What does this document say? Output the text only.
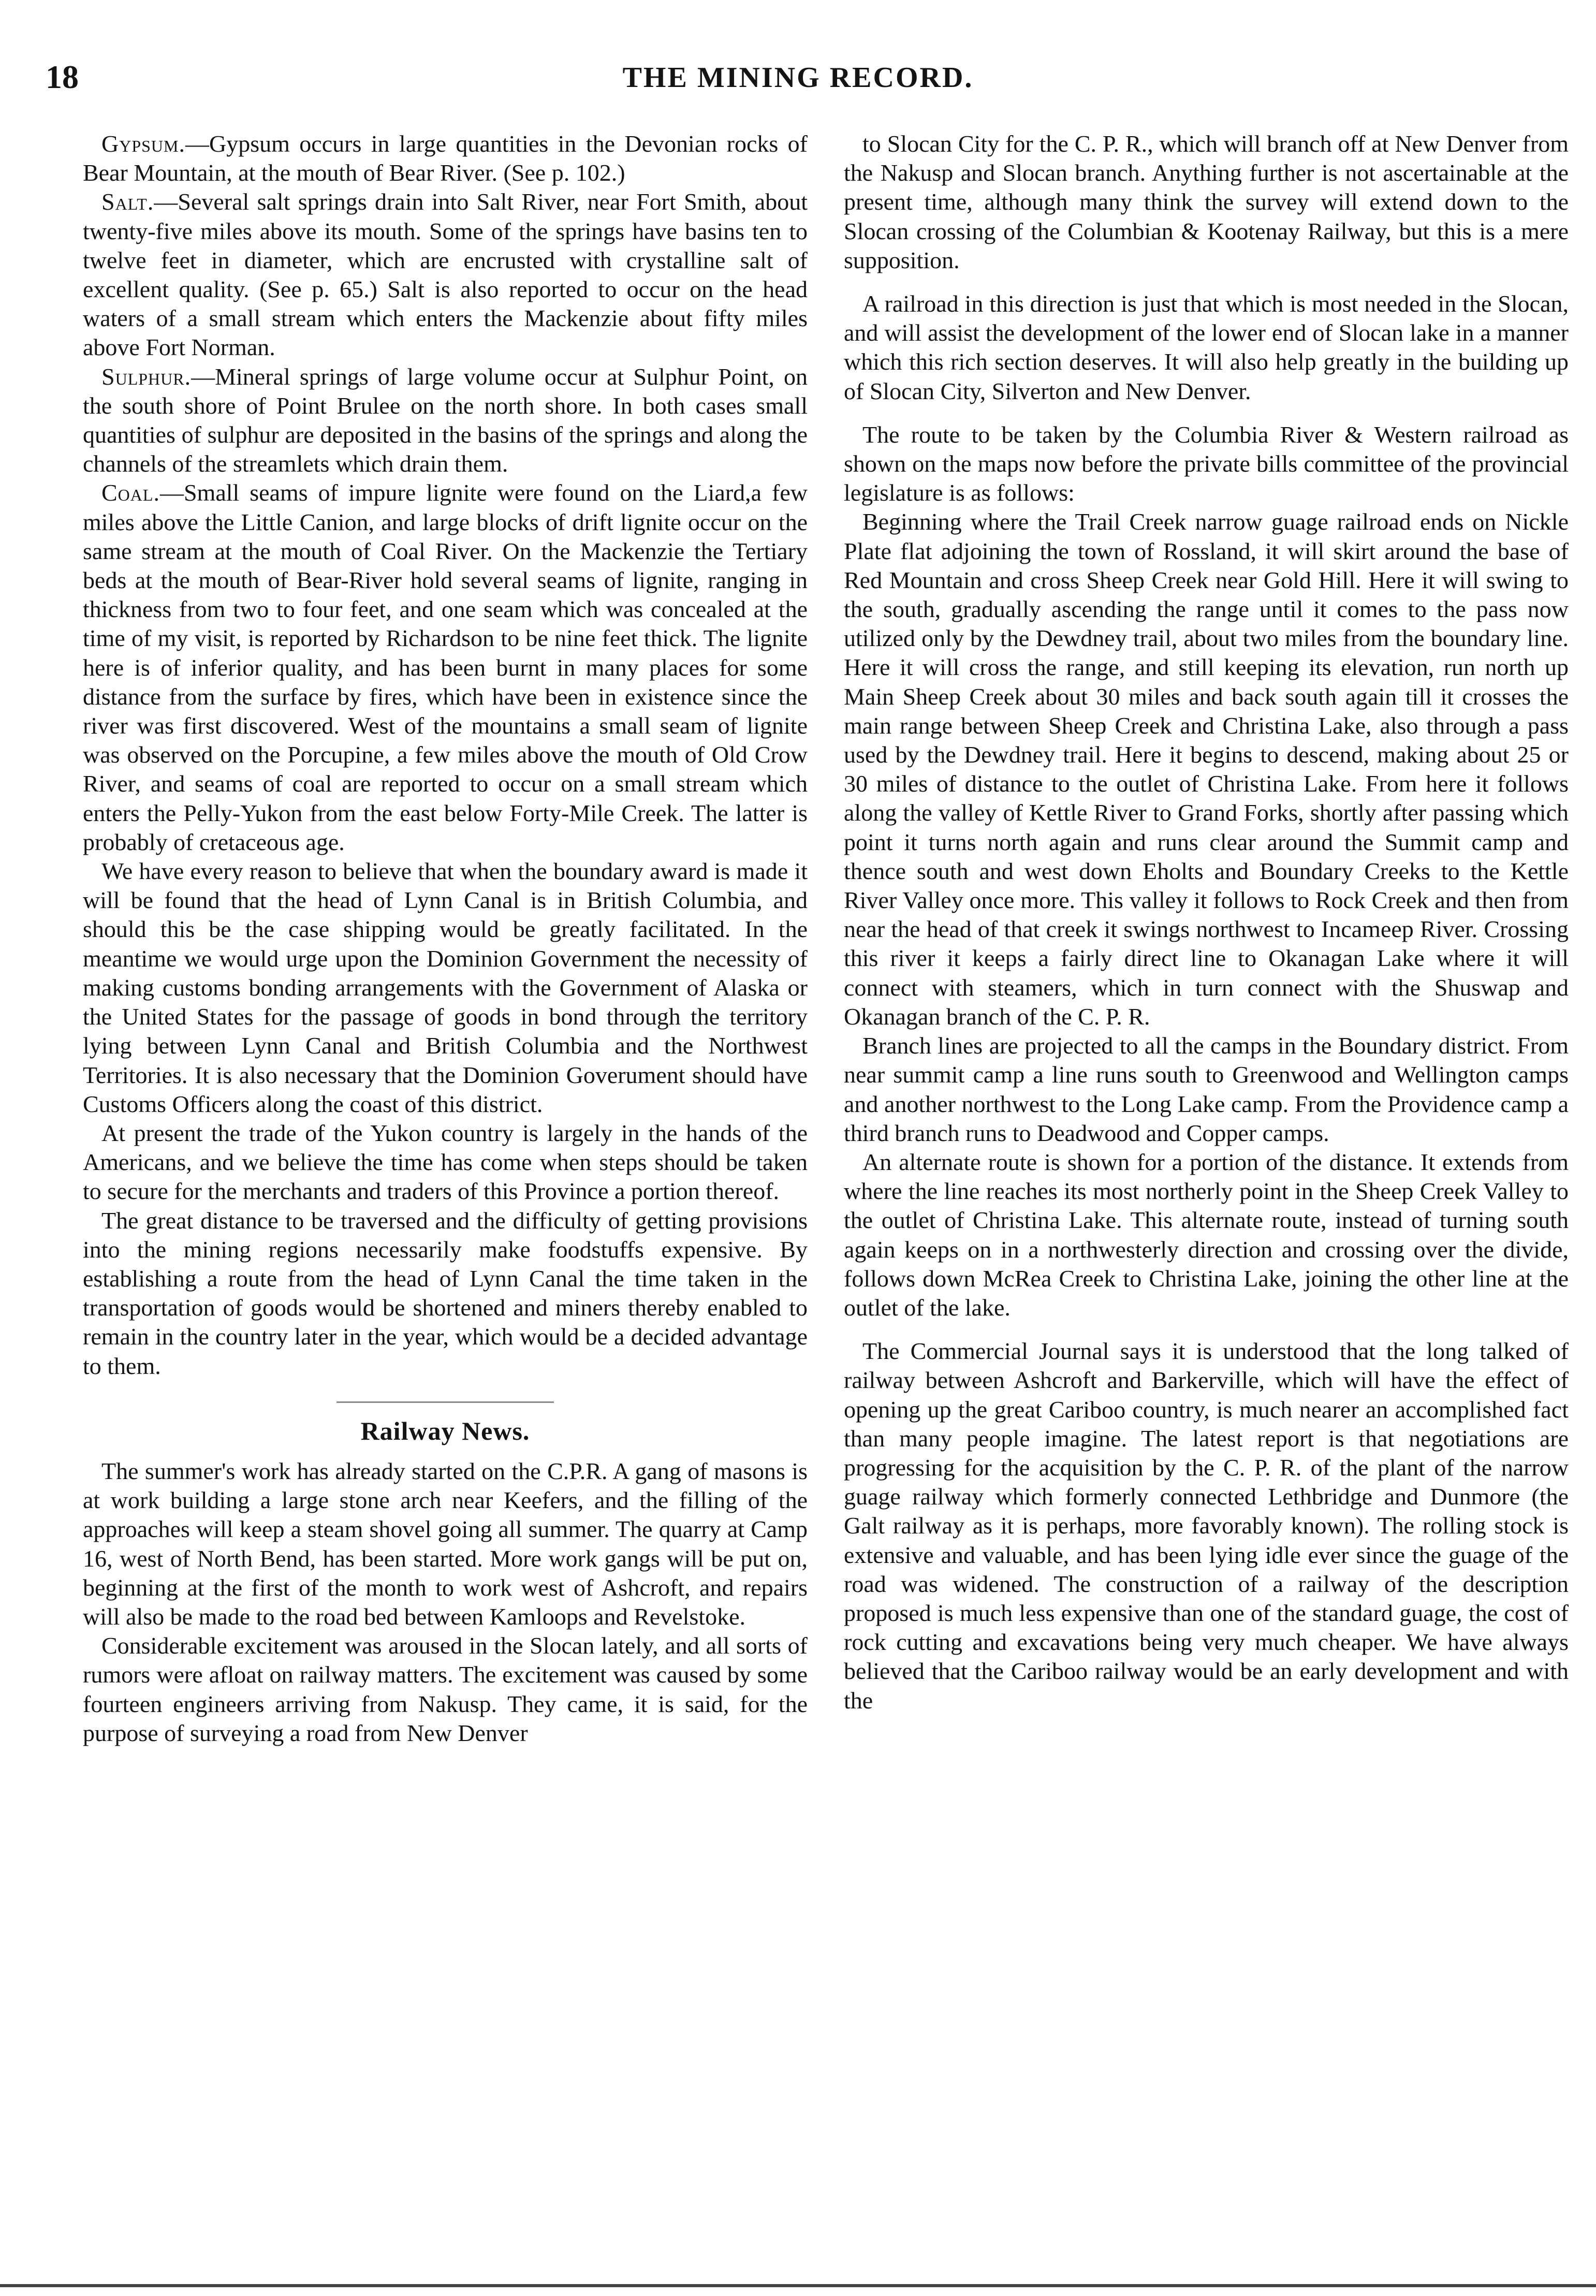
18	THE MINING RECORD.

Gypsum.—Gypsum occurs in large quantities in the Devonian rocks of Bear Mountain, at the mouth of Bear River. (See p. 102.)

Salt.—Several salt springs drain into Salt River, near Fort Smith, about twenty-five miles above its mouth. Some of the springs have basins ten to twelve feet in diameter, which are encrusted with crystalline salt of excellent quality. (See p. 65.) Salt is also reported to occur on the head waters of a small stream which enters the Mackenzie about fifty miles above Fort Norman.

Sulphur.—Mineral springs of large volume occur at Sulphur Point, on the south shore of Point Brulee on the north shore. In both cases small quantities of sulphur are deposited in the basins of the springs and along the channels of the streamlets which drain them.

Coal.—Small seams of impure lignite were found on the Liard,a few miles above the Little Canion, and large blocks of drift lignite occur on the same stream at the mouth of Coal River. On the Mackenzie the Tertiary beds at the mouth of Bear-River hold several seams of lignite, ranging in thickness from two to four feet, and one seam which was concealed at the time of my visit, is reported by Richardson to be nine feet thick. The lignite here is of inferior quality, and has been burnt in many places for some distance from the surface by fires, which have been in existence since the river was first discovered. West of the mountains a small seam of lignite was observed on the Porcupine, a few miles above the mouth of Old Crow River, and seams of coal are reported to occur on a small stream which enters the Pelly-Yukon from the east below Forty-Mile Creek. The latter is probably of cretaceous age.

We have every reason to believe that when the boundary award is made it will be found that the head of Lynn Canal is in British Columbia, and should this be the case shipping would be greatly facilitated. In the meantime we would urge upon the Dominion Government the necessity of making customs bonding arrangements with the Government of Alaska or the United States for the passage of goods in bond through the territory lying between Lynn Canal and British Columbia and the Northwest Territories. It is also necessary that the Dominion Goverument should have Customs Officers along the coast of this district.

At present the trade of the Yukon country is largely in the hands of the Americans, and we believe the time has come when steps should be taken to secure for the merchants and traders of this Province a portion thereof.

The great distance to be traversed and the difficulty of getting provisions into the mining regions necessarily make foodstuffs expensive. By establishing a route from the head of Lynn Canal the time taken in the transportation of goods would be shortened and miners thereby enabled to remain in the country later in the year, which would be a decided advantage to them.

Railway News.

The summer's work has already started on the C.P.R. A gang of masons is at work building a large stone arch near Keefers, and the filling of the approaches will keep a steam shovel going all summer. The quarry at Camp 16, west of North Bend, has been started. More work gangs will be put on, beginning at the first of the month to work west of Ashcroft, and repairs will also be made to the road bed between Kamloops and Revelstoke.

Considerable excitement was aroused in the Slocan lately, and all sorts of rumors were afloat on railway matters. The excitement was caused by some fourteen engineers arriving from Nakusp. They came, it is said, for the purpose of surveying a road from New Denver

to Slocan City for the C. P. R., which will branch off at New Denver from the Nakusp and Slocan branch. Anything further is not ascertainable at the present time, although many think the survey will extend down to the Slocan crossing of the Columbian & Kootenay Railway, but this is a mere supposition.

A railroad in this direction is just that which is most needed in the Slocan, and will assist the development of the lower end of Slocan lake in a manner which this rich section deserves. It will also help greatly in the building up of Slocan City, Silverton and New Denver.

The route to be taken by the Columbia River & Western railroad as shown on the maps now before the private bills committee of the provincial legislature is as follows:

Beginning where the Trail Creek narrow guage railroad ends on Nickle Plate flat adjoining the town of Rossland, it will skirt around the base of Red Mountain and cross Sheep Creek near Gold Hill. Here it will swing to the south, gradually ascending the range until it comes to the pass now utilized only by the Dewdney trail, about two miles from the boundary line. Here it will cross the range, and still keeping its elevation, run north up Main Sheep Creek about 30 miles and back south again till it crosses the main range between Sheep Creek and Christina Lake, also through a pass used by the Dewdney trail. Here it begins to descend, making about 25 or 30 miles of distance to the outlet of Christina Lake. From here it follows along the valley of Kettle River to Grand Forks, shortly after passing which point it turns north again and runs clear around the Summit camp and thence south and west down Eholts and Boundary Creeks to the Kettle River Valley once more. This valley it follows to Rock Creek and then from near the head of that creek it swings northwest to Incameep River. Crossing this river it keeps a fairly direct line to Okanagan Lake where it will connect with steamers, which in turn connect with the Shuswap and Okanagan branch of the C. P. R.

Branch lines are projected to all the camps in the Boundary district. From near summit camp a line runs south to Greenwood and Wellington camps and another northwest to the Long Lake camp. From the Providence camp a third branch runs to Deadwood and Copper camps.

An alternate route is shown for a portion of the distance. It extends from where the line reaches its most northerly point in the Sheep Creek Valley to the outlet of Christina Lake. This alternate route, instead of turning south again keeps on in a northwesterly direction and crossing over the divide, follows down McRea Creek to Christina Lake, joining the other line at the outlet of the lake.

The Commercial Journal says it is understood that the long talked of railway between Ashcroft and Barkerville, which will have the effect of opening up the great Cariboo country, is much nearer an accomplished fact than many people imagine. The latest report is that negotiations are progressing for the acquisition by the C. P. R. of the plant of the narrow guage railway which formerly connected Lethbridge and Dunmore (the Galt railway as it is perhaps, more favorably known). The rolling stock is extensive and valuable, and has been lying idle ever since the guage of the road was widened. The construction of a railway of the description proposed is much less expensive than one of the standard guage, the cost of rock cutting and excavations being very much cheaper. We have always believed that the Cariboo railway would be an early development and with the
